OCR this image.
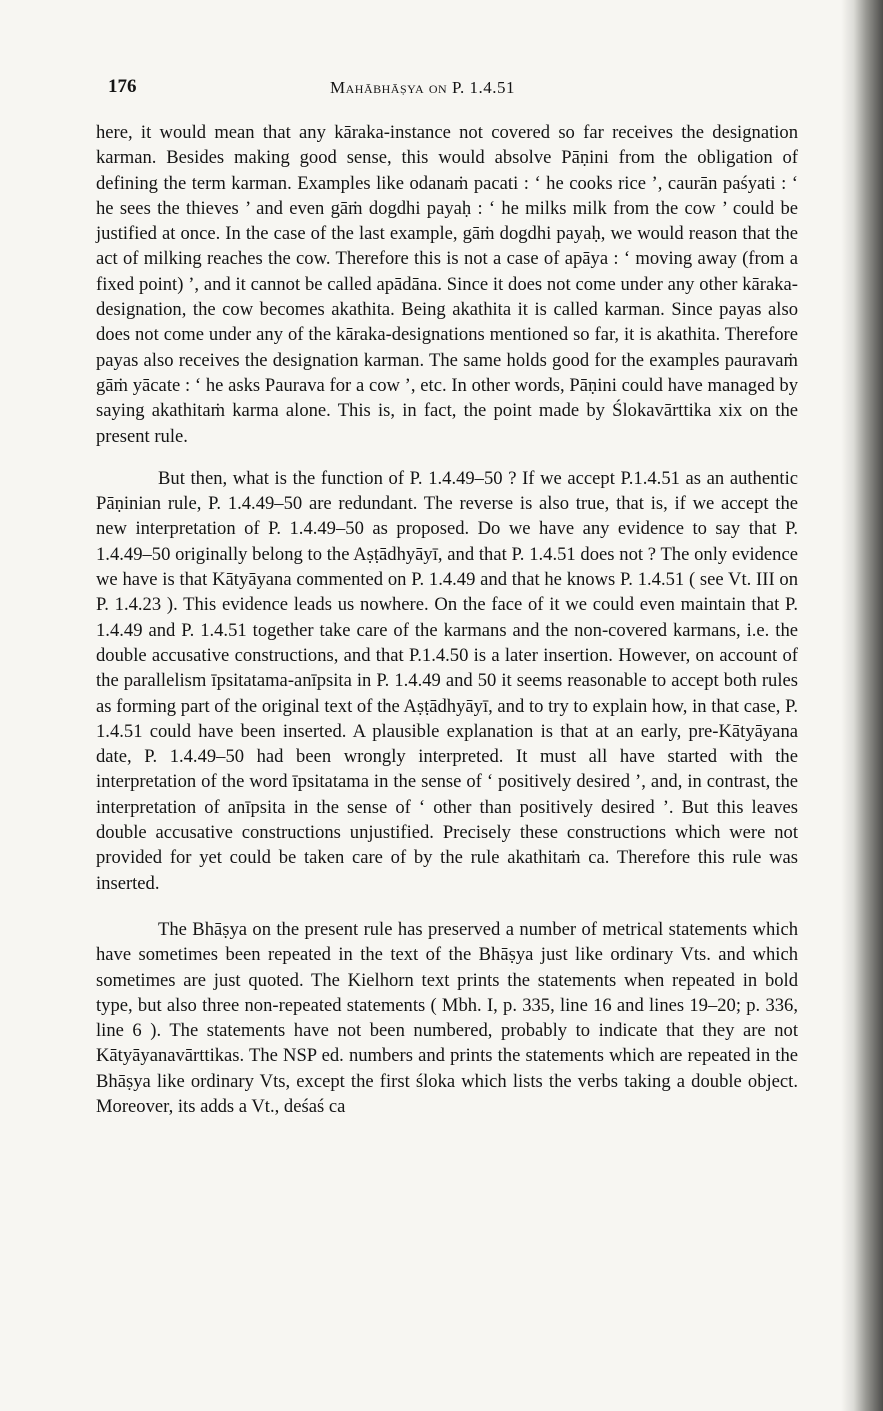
176	Mahābhāṣya on P. 1.4.51

here, it would mean that any kāraka-instance not covered so far receives the designation karman. Besides making good sense, this would absolve Pāṇini from the obligation of defining the term karman. Examples like odanaṁ pacati : ‘ he cooks rice ’, caurān paśyati : ‘ he sees the thieves ’ and even gāṁ dogdhi payaḥ : ‘ he milks milk from the cow ’ could be justified at once. In the case of the last example, gāṁ dogdhi payaḥ, we would reason that the act of milking reaches the cow. Therefore this is not a case of apāya : ‘ moving away (from a fixed point) ’, and it cannot be called apādāna. Since it does not come under any other kāraka-designation, the cow becomes akathita. Being akathita it is called karman. Since payas also does not come under any of the kāraka-designations mentioned so far, it is akathita. Therefore payas also receives the designation karman. The same holds good for the examples pauravaṁ gāṁ yācate : ‘ he asks Paurava for a cow ’, etc. In other words, Pāṇini could have managed by saying akathitaṁ karma alone. This is, in fact, the point made by Ślokavārttika xix on the present rule.

But then, what is the function of P. 1.4.49–50 ? If we accept P.1.4.51 as an authentic Pāṇinian rule, P. 1.4.49–50 are redundant. The reverse is also true, that is, if we accept the new interpretation of P. 1.4.49–50 as proposed. Do we have any evidence to say that P. 1.4.49–50 originally belong to the Aṣṭādhyāyī, and that P. 1.4.51 does not ? The only evidence we have is that Kātyāyana commented on P. 1.4.49 and that he knows P. 1.4.51 ( see Vt. III on P. 1.4.23 ). This evidence leads us nowhere. On the face of it we could even maintain that P. 1.4.49 and P. 1.4.51 together take care of the karmans and the non-covered karmans, i.e. the double accusative constructions, and that P.1.4.50 is a later insertion. However, on account of the parallelism īpsitatama-anīpsita in P. 1.4.49 and 50 it seems reasonable to accept both rules as forming part of the original text of the Aṣṭādhyāyī, and to try to explain how, in that case, P. 1.4.51 could have been inserted. A plausible explanation is that at an early, pre-Kātyāyana date, P. 1.4.49–50 had been wrongly interpreted. It must all have started with the interpretation of the word īpsitatama in the sense of ‘ positively desired ’, and, in contrast, the interpretation of anīpsita in the sense of ‘ other than positively desired ’. But this leaves double accusative constructions unjustified. Precisely these constructions which were not provided for yet could be taken care of by the rule akathitaṁ ca. Therefore this rule was inserted.

The Bhāṣya on the present rule has preserved a number of metrical statements which have sometimes been repeated in the text of the Bhāṣya just like ordinary Vts. and which sometimes are just quoted. The Kielhorn text prints the statements when repeated in bold type, but also three non-repeated statements ( Mbh. I, p. 335, line 16 and lines 19–20; p. 336, line 6 ). The statements have not been numbered, probably to indicate that they are not Kātyāyanavārttikas. The NSP ed. numbers and prints the statements which are repeated in the Bhāṣya like ordinary Vts, except the first śloka which lists the verbs taking a double object. Moreover, its adds a Vt., deśaś ca
